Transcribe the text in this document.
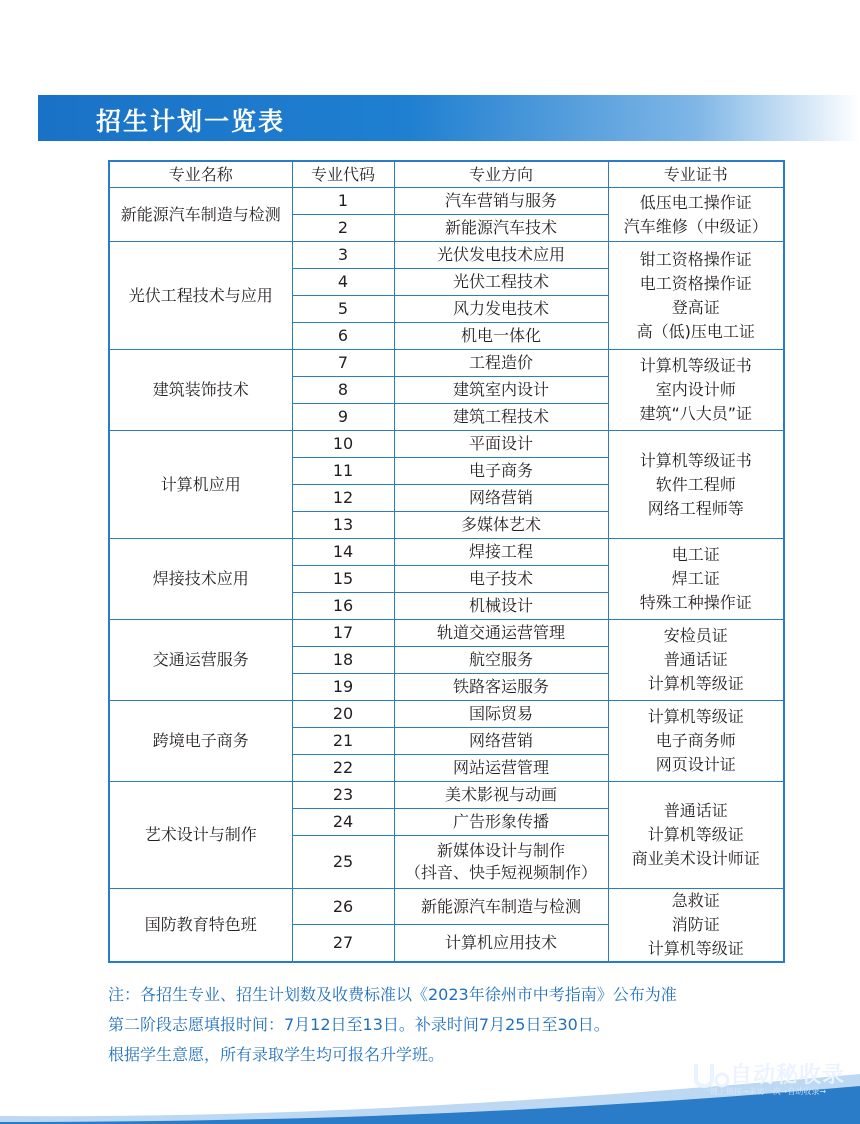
招生计划一览表
专业名称	专业代码	专业方向	专业证书
新能源汽车制造与检测	1	汽车营销与服务	低压电工操作证
汽车维修（中级证）

	2	新能源汽车技术	

光伏工程技术与应用	3	光伏发电技术应用	钳工资格操作证
电工资格操作证
登高证
高（低)压电工证

	4	光伏工程技术	

	5	风力发电技术	

	6	机电一体化	

建筑装饰技术	7	工程造价	计算机等级证书
室内设计师
建筑“八大员”证

	8	建筑室内设计	

	9	建筑工程技术	

计算机应用	10	平面设计	计算机等级证书
软件工程师
网络工程师等

	11	电子商务	

	12	网络营销	

	13	多媒体艺术	

焊接技术应用	14	焊接工程	电工证
焊工证
特殊工种操作证

	15	电子技术	

	16	机械设计	

交通运营服务	17	轨道交通运营管理	安检员证
普通话证
计算机等级证

	18	航空服务	

	19	铁路客运服务	

跨境电子商务	20	国际贸易	计算机等级证
电子商务师
网页设计证

	21	网络营销	

	22	网站运营管理	

艺术设计与制作	23	美术影视与动画	普通话证
计算机等级证
商业美术设计师证

	24	广告形象传播	

	25	新媒体设计与制作
（抖音、快手短视频制作）	

国防教育特色班	26	新能源汽车制造与检测	急救证
消防证
计算机等级证

	27	计算机应用技术	
注：各招生专业、招生计划数及收费标准以《2023年徐州市中考指南》公布为准
第二阶段志愿填报时间：7月12日至13日。补录时间7月25日至30日。
根据学生意愿，所有录取学生均可报名升学班。
自动秘收录
一键上链接→来访一次→自动收录→
